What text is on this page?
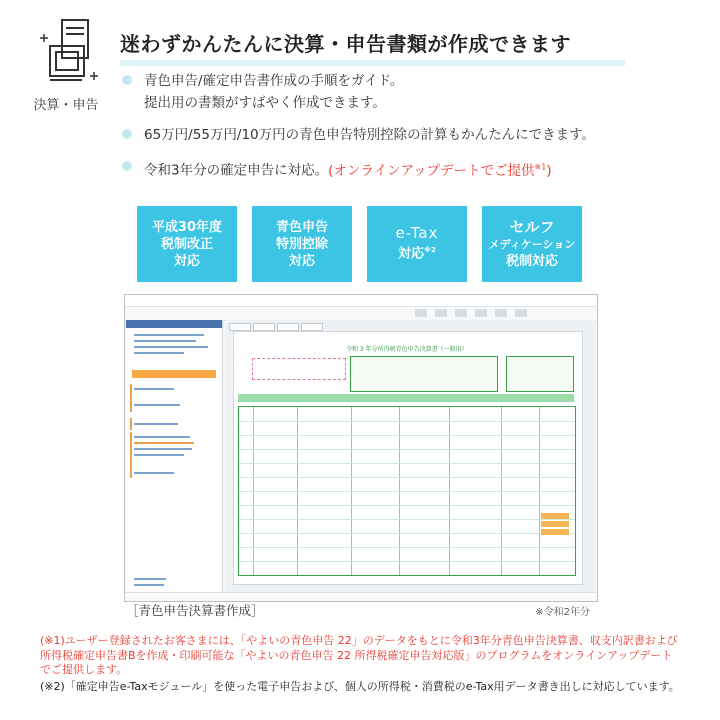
決算・申告
迷わずかんたんに決算・申告書類が作成できます
青色申告/確定申告書作成の手順をガイド。
提出用の書類がすばやく作成できます。
65万円/55万円/10万円の青色申告特別控除の計算もかんたんにできます。
令和3年分の確定申告に対応。(オンラインアップデートでご提供$^{※1}$)
平成30年度
税制改正
対応
青色申告
特別控除
対応
e-Tax
対応$^{※2}$
セルフ
メディケーション
税制対応
令和 3 年分所得税青色申告決算書（一般用）
［青色申告決算書作成］	※令和2年分
(※1)ユーザー登録されたお客さまには、「やよいの青色申告 22」のデータをもとに令和3年分青色申告決算書、収支内訳書および所得税確定申告書Bを作成・印刷可能な「やよいの青色申告 22 所得税確定申告対応版」のプログラムをオンラインアップデートでご提供します。
(※2)「確定申告e-Taxモジュール」を使った電子申告および、個人の所得税・消費税のe-Tax用データ書き出しに対応しています。
